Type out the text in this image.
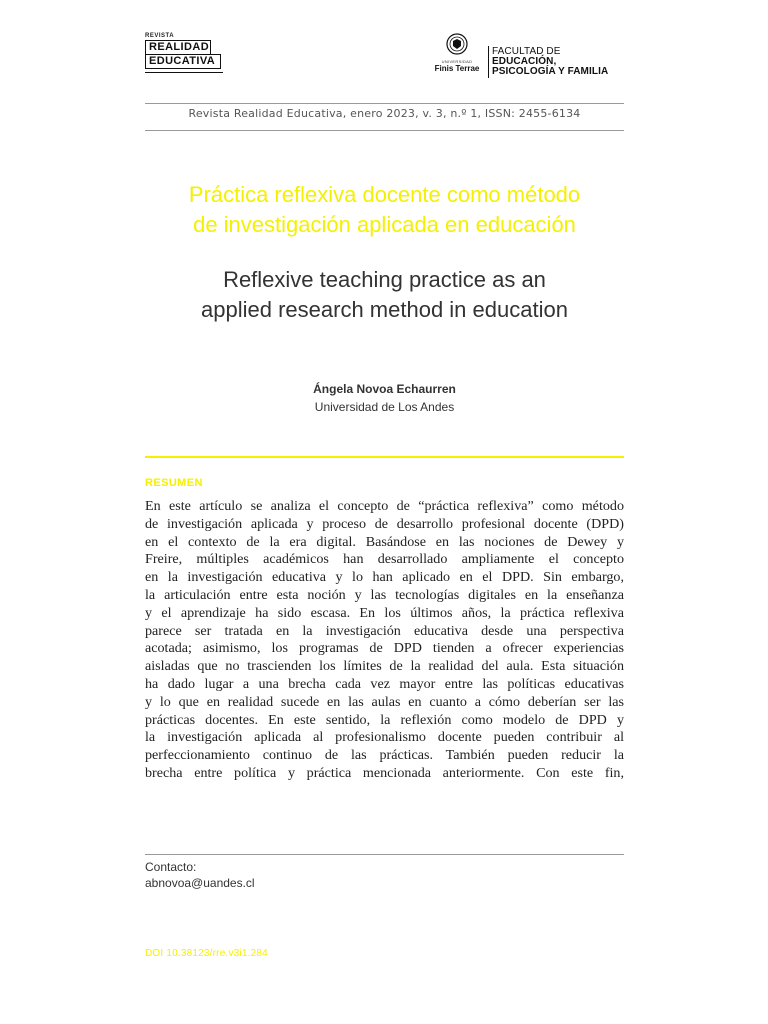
REVISTA
REALIDAD
EDUCATIVA	UNIVERSIDAD
Finis Terrae
FACULTAD DE
EDUCACIÓN,
PSICOLOGÍA Y FAMILIA
Revista Realidad Educativa, enero 2023, v. 3, n.º 1, ISSN: 2455-6134
Práctica reflexiva docente como método
de investigación aplicada en educación
Reflexive teaching practice as an
applied research method in education
Ángela Novoa Echaurren
Universidad de Los Andes
RESUMEN

En este artículo se analiza el concepto de “práctica reflexiva” como método
de investigación aplicada y proceso de desarrollo profesional docente (DPD)
en el contexto de la era digital. Basándose en las nociones de Dewey y
Freire, múltiples académicos han desarrollado ampliamente el concepto
en la investigación educativa y lo han aplicado en el DPD. Sin embargo,
la articulación entre esta noción y las tecnologías digitales en la enseñanza
y el aprendizaje ha sido escasa. En los últimos años, la práctica reflexiva
parece ser tratada en la investigación educativa desde una perspectiva
acotada; asimismo, los programas de DPD tienden a ofrecer experiencias
aisladas que no trascienden los límites de la realidad del aula. Esta situación
ha dado lugar a una brecha cada vez mayor entre las políticas educativas
y lo que en realidad sucede en las aulas en cuanto a cómo deberían ser las
prácticas docentes. En este sentido, la reflexión como modelo de DPD y
la investigación aplicada al profesionalismo docente pueden contribuir al
perfeccionamiento continuo de las prácticas. También pueden reducir la
brecha entre política y práctica mencionada anteriormente. Con este fin,

Contacto:
abnovoa@uandes.cl
DOI 10.38123/rre.v3i1.284
